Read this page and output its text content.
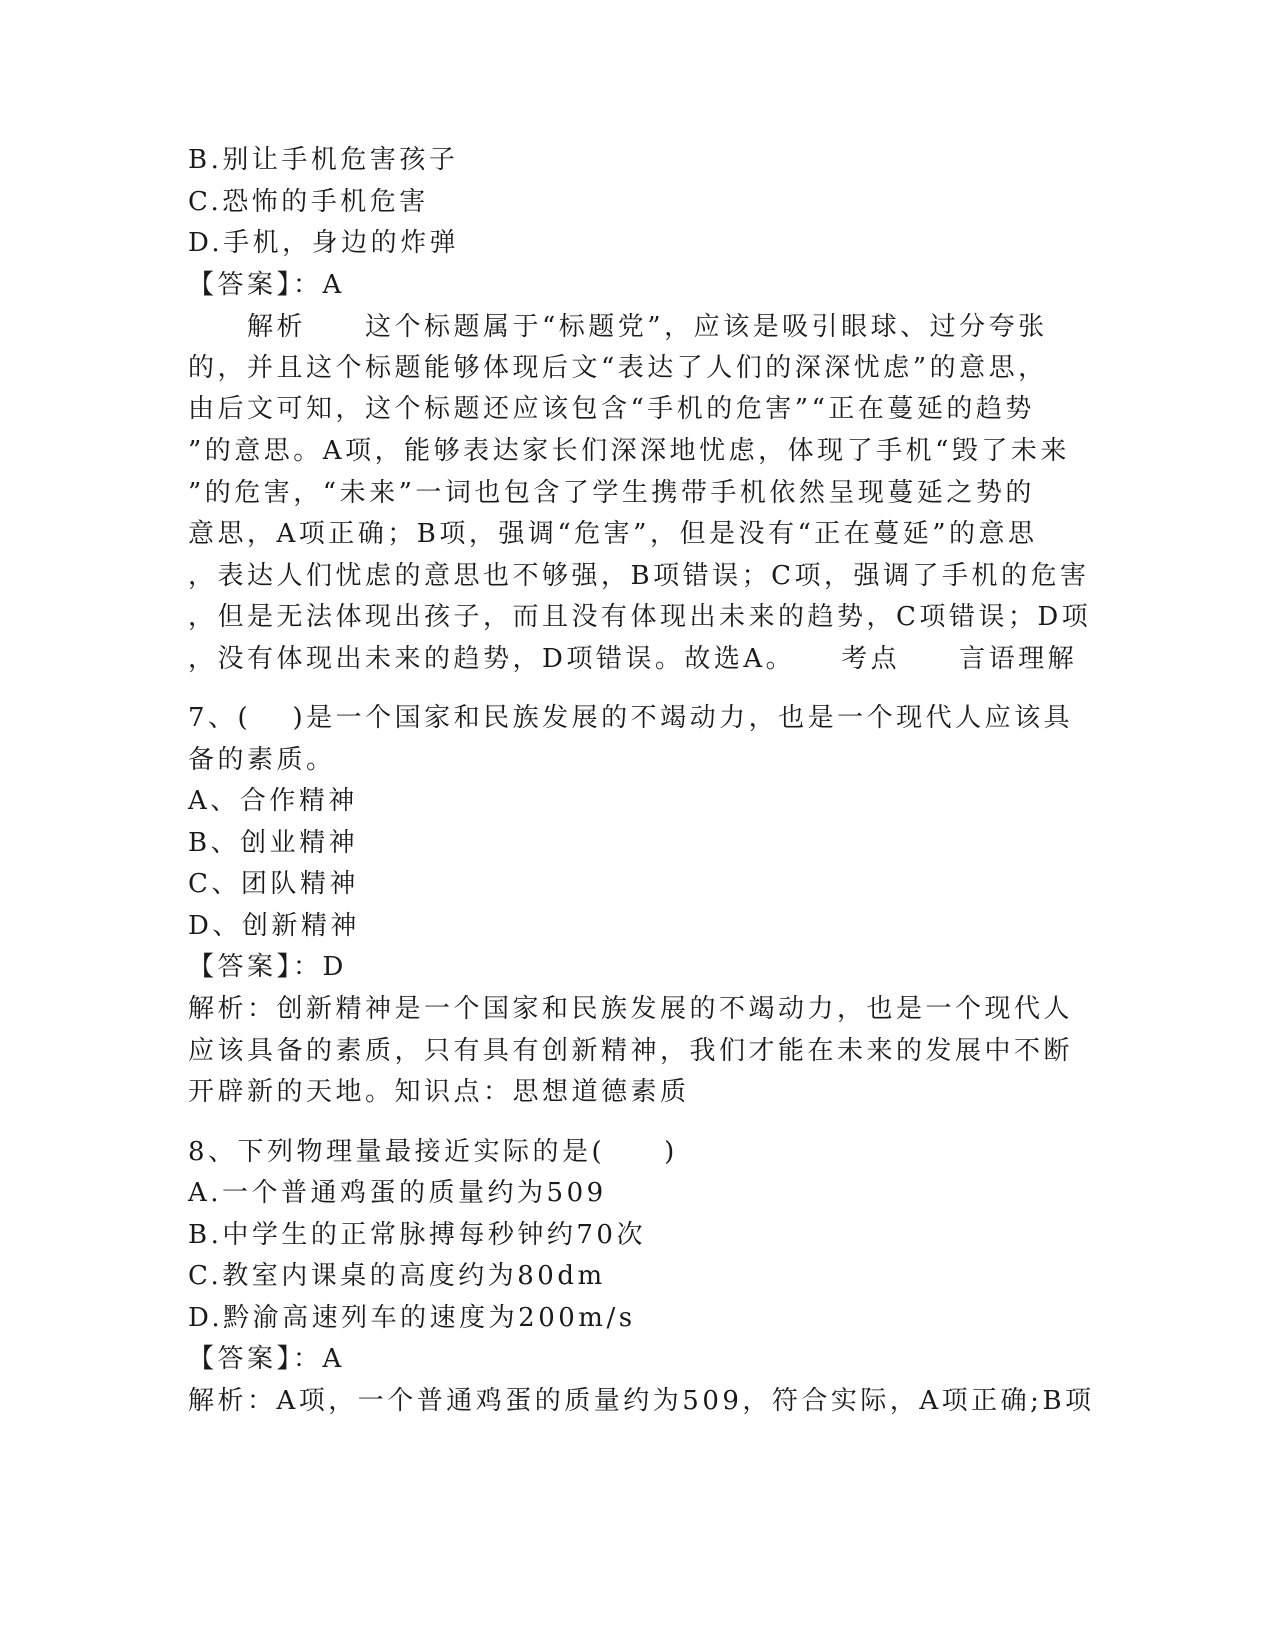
B.别让手机危害孩子
C.恐怖的手机危害
D.手机，身边的炸弹
【答案】：A
　　解析　　这个标题属于“标题党”，应该是吸引眼球、过分夸张
的，并且这个标题能够体现后文“表达了人们的深深忧虑”的意思，
由后文可知，这个标题还应该包含“手机的危害”“正在蔓延的趋势
”的意思。A项，能够表达家长们深深地忧虑，体现了手机“毁了未来
”的危害，“未来”一词也包含了学生携带手机依然呈现蔓延之势的
意思，A项正确；B项，强调“危害”，但是没有“正在蔓延”的意思
，表达人们忧虑的意思也不够强，B项错误；C项，强调了手机的危害
，但是无法体现出孩子，而且没有体现出未来的趋势，C项错误；D项
，没有体现出未来的趋势，D项错误。故选A。　　考点　　言语理解
7、(　 )是一个国家和民族发展的不竭动力，也是一个现代人应该具
备的素质。
A、合作精神
B、创业精神
C、团队精神
D、创新精神
【答案】：D
解析：创新精神是一个国家和民族发展的不竭动力，也是一个现代人
应该具备的素质，只有具有创新精神，我们才能在未来的发展中不断
开辟新的天地。知识点：思想道德素质
8、下列物理量最接近实际的是(　　)
A.一个普通鸡蛋的质量约为509
B.中学生的正常脉搏每秒钟约70次
C.教室内课桌的高度约为80dm
D.黔渝高速列车的速度为200m/s
【答案】：A
解析：A项，一个普通鸡蛋的质量约为509，符合实际，A项正确;B项
